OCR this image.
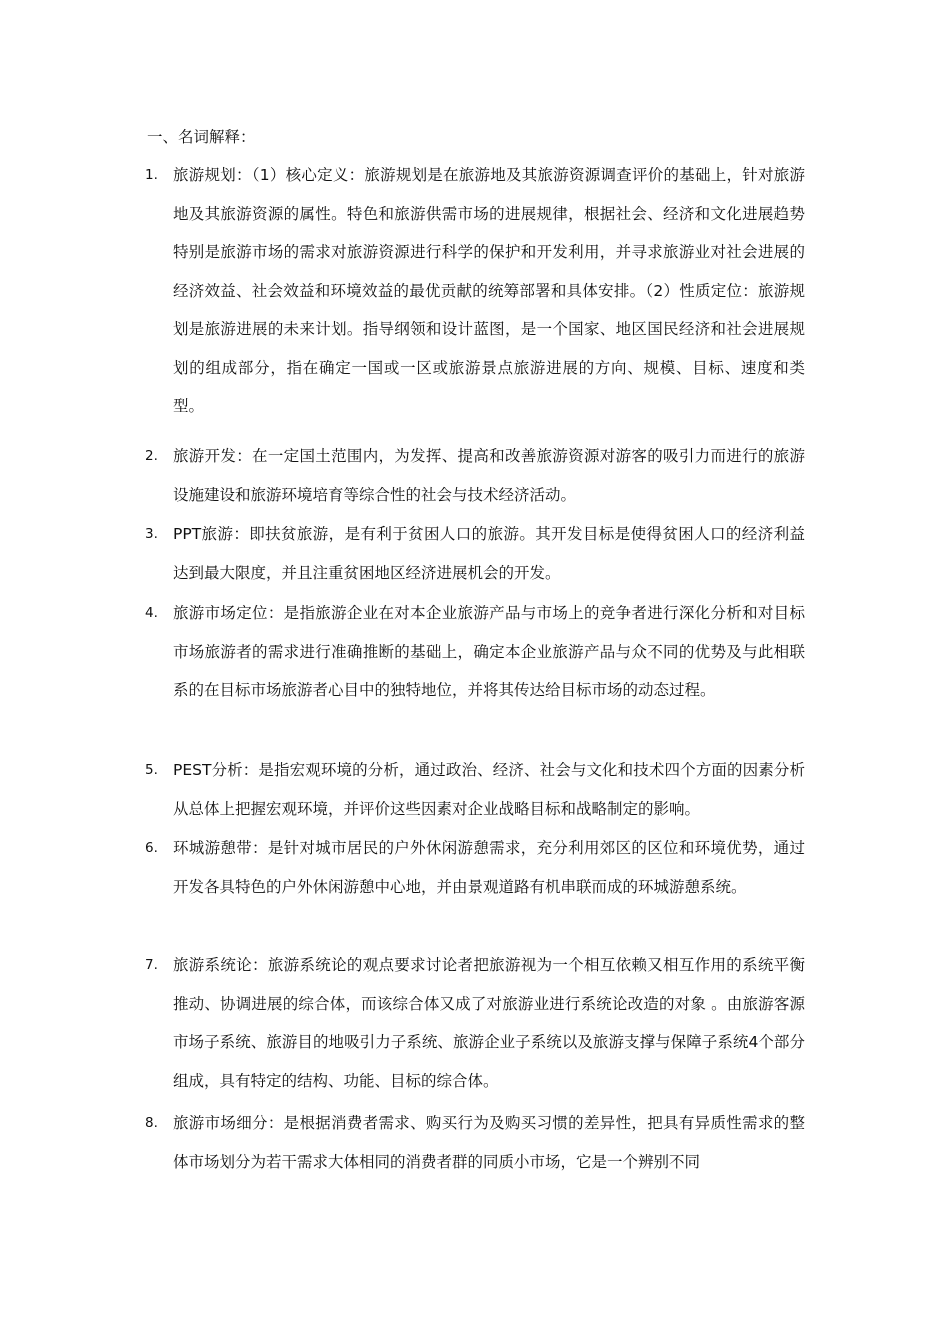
一、名词解释：
1. 旅游规划：（1）核心定义：旅游规划是在旅游地及其旅游资源调查评价的基础上，针对旅游地及其旅游资源的属性。特色和旅游供需市场的进展规律，根据社会、经济和文化进展趋势特别是旅游市场的需求对旅游资源进行科学的保护和开发利用，并寻求旅游业对社会进展的经济效益、社会效益和环境效益的最优贡献的统筹部署和具体安排。（2）性质定位：旅游规划是旅游进展的未来计划。指导纲领和设计蓝图，是一个国家、地区国民经济和社会进展规划的组成部分，指在确定一国或一区或旅游景点旅游进展的方向、规模、目标、速度和类型。
2. 旅游开发：在一定国土范围内，为发挥、提高和改善旅游资源对游客的吸引力而进行的旅游设施建设和旅游环境培育等综合性的社会与技术经济活动。
3. PPT旅游：即扶贫旅游，是有利于贫困人口的旅游。其开发目标是使得贫困人口的经济利益达到最大限度，并且注重贫困地区经济进展机会的开发。
4. 旅游市场定位：是指旅游企业在对本企业旅游产品与市场上的竞争者进行深化分析和对目标市场旅游者的需求进行准确推断的基础上，确定本企业旅游产品与众不同的优势及与此相联系的在目标市场旅游者心目中的独特地位，并将其传达给目标市场的动态过程。
5. PEST分析：是指宏观环境的分析，通过政治、经济、社会与文化和技术四个方面的因素分析从总体上把握宏观环境，并评价这些因素对企业战略目标和战略制定的影响。
6. 环城游憩带：是针对城市居民的户外休闲游憩需求，充分利用郊区的区位和环境优势，通过开发各具特色的户外休闲游憩中心地，并由景观道路有机串联而成的环城游憩系统。
7. 旅游系统论：旅游系统论的观点要求讨论者把旅游视为一个相互依赖又相互作用的系统平衡推动、协调进展的综合体，而该综合体又成了对旅游业进行系统论改造的对象 。由旅游客源市场子系统、旅游目的地吸引力子系统、旅游企业子系统以及旅游支撑与保障子系统4个部分组成，具有特定的结构、功能、目标的综合体。
8. 旅游市场细分：是根据消费者需求、购买行为及购买习惯的差异性，把具有异质性需求的整体市场划分为若干需求大体相同的消费者群的同质小市场，它是一个辨别不同
